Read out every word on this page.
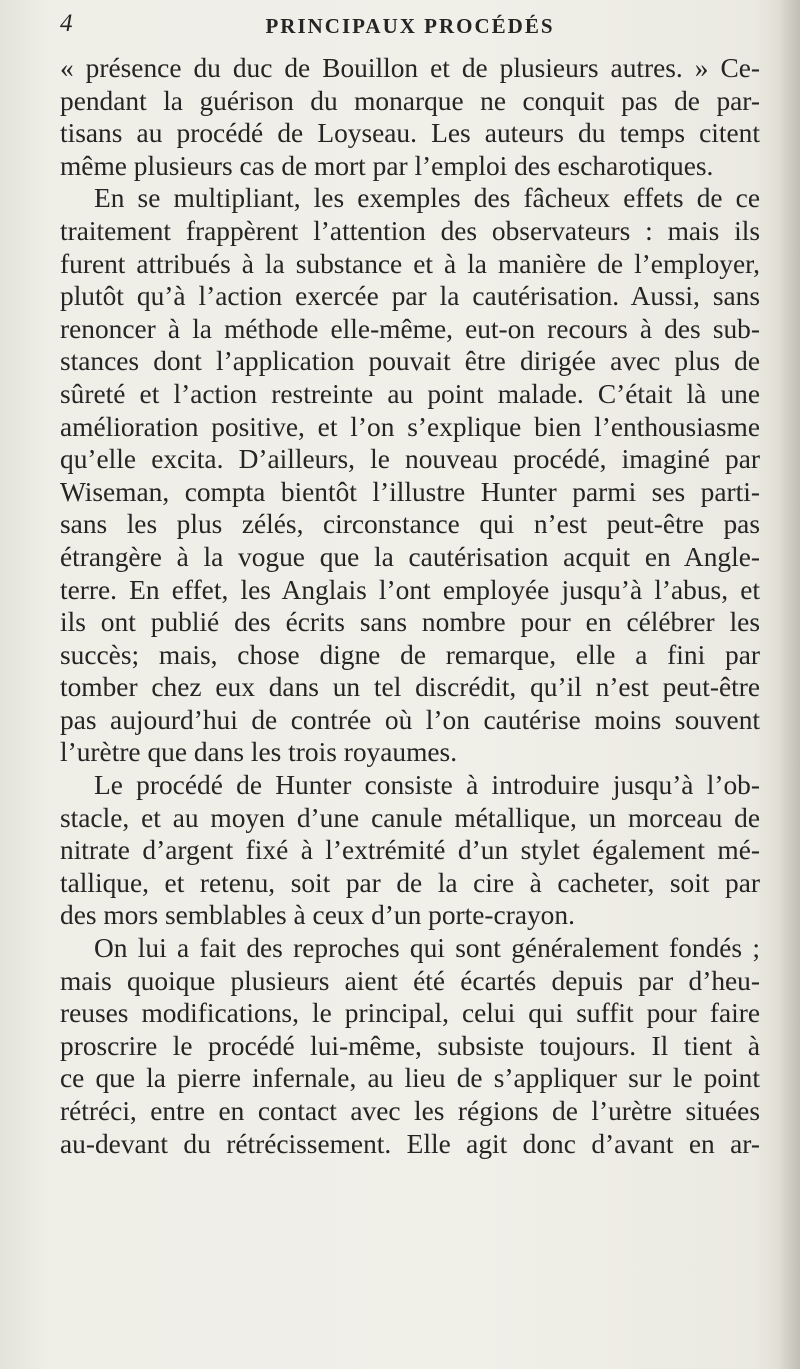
4	PRINCIPAUX PROCÉDÉS
« présence du duc de Bouillon et de plusieurs autres. » Ce-
pendant la guérison du monarque ne conquit pas de par-
tisans au procédé de Loyseau. Les auteurs du temps citent
même plusieurs cas de mort par l’emploi des escharotiques.
En se multipliant, les exemples des fâcheux effets de ce
traitement frappèrent l’attention des observateurs : mais ils
furent attribués à la substance et à la manière de l’employer,
plutôt qu’à l’action exercée par la cautérisation. Aussi, sans
renoncer à la méthode elle-même, eut-on recours à des sub-
stances dont l’application pouvait être dirigée avec plus de
sûreté et l’action restreinte au point malade. C’était là une
amélioration positive, et l’on s’explique bien l’enthousiasme
qu’elle excita. D’ailleurs, le nouveau procédé, imaginé par
Wiseman, compta bientôt l’illustre Hunter parmi ses parti-
sans les plus zélés, circonstance qui n’est peut-être pas
étrangère à la vogue que la cautérisation acquit en Angle-
terre. En effet, les Anglais l’ont employée jusqu’à l’abus, et
ils ont publié des écrits sans nombre pour en célébrer les
succès; mais, chose digne de remarque, elle a fini par
tomber chez eux dans un tel discrédit, qu’il n’est peut-être
pas aujourd’hui de contrée où l’on cautérise moins souvent
l’urètre que dans les trois royaumes.
Le procédé de Hunter consiste à introduire jusqu’à l’ob-
stacle, et au moyen d’une canule métallique, un morceau de
nitrate d’argent fixé à l’extrémité d’un stylet également mé-
tallique, et retenu, soit par de la cire à cacheter, soit par
des mors semblables à ceux d’un porte-crayon.
On lui a fait des reproches qui sont généralement fondés ;
mais quoique plusieurs aient été écartés depuis par d’heu-
reuses modifications, le principal, celui qui suffit pour faire
proscrire le procédé lui-même, subsiste toujours. Il tient à
ce que la pierre infernale, au lieu de s’appliquer sur le point
rétréci, entre en contact avec les régions de l’urètre situées
au-devant du rétrécissement. Elle agit donc d’avant en ar-
